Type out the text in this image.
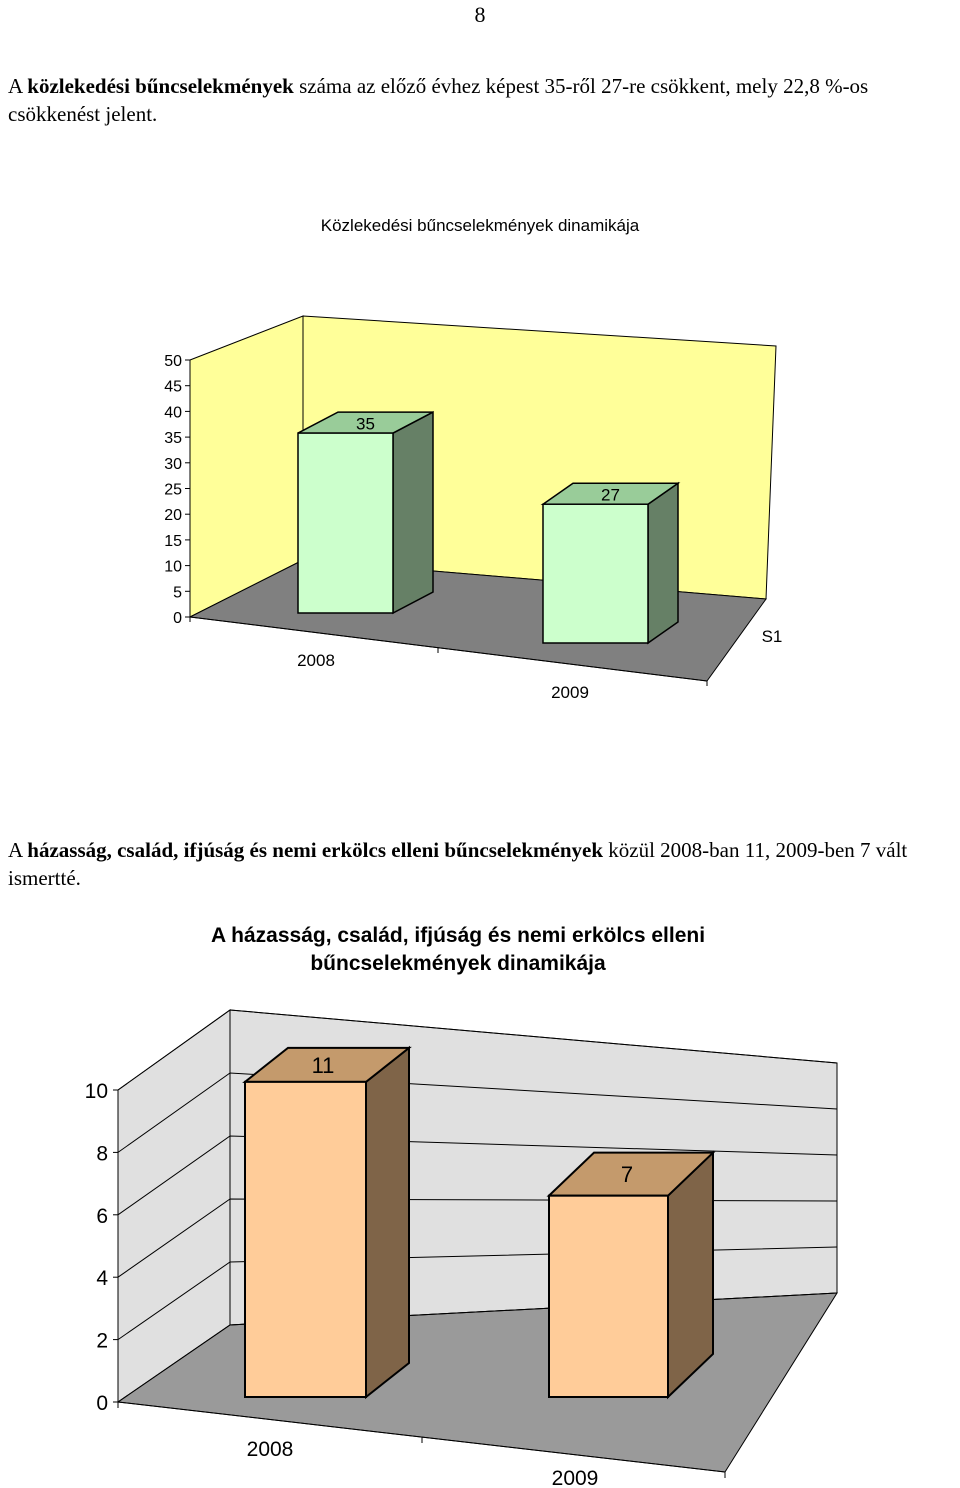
8
A közlekedési bűncselekmények száma az előző évhez képest 35-ről 27-re csökkent, mely 22,8 %-os csökkenést jelent.
Közlekedési bűncselekmények dinamikája
0
5
10
15
20
25
30
35
40
45
50
35
27
2008
2009
S1
A házasság, család, ifjúság és nemi erkölcs elleni bűncselekmények közül 2008-ban 11, 2009-ben 7 vált ismertté.
A házasság, család, ifjúság és nemi erkölcs elleni
bűncselekmények dinamikája
0
2
4
6
8
10
11
7
2008
2009
